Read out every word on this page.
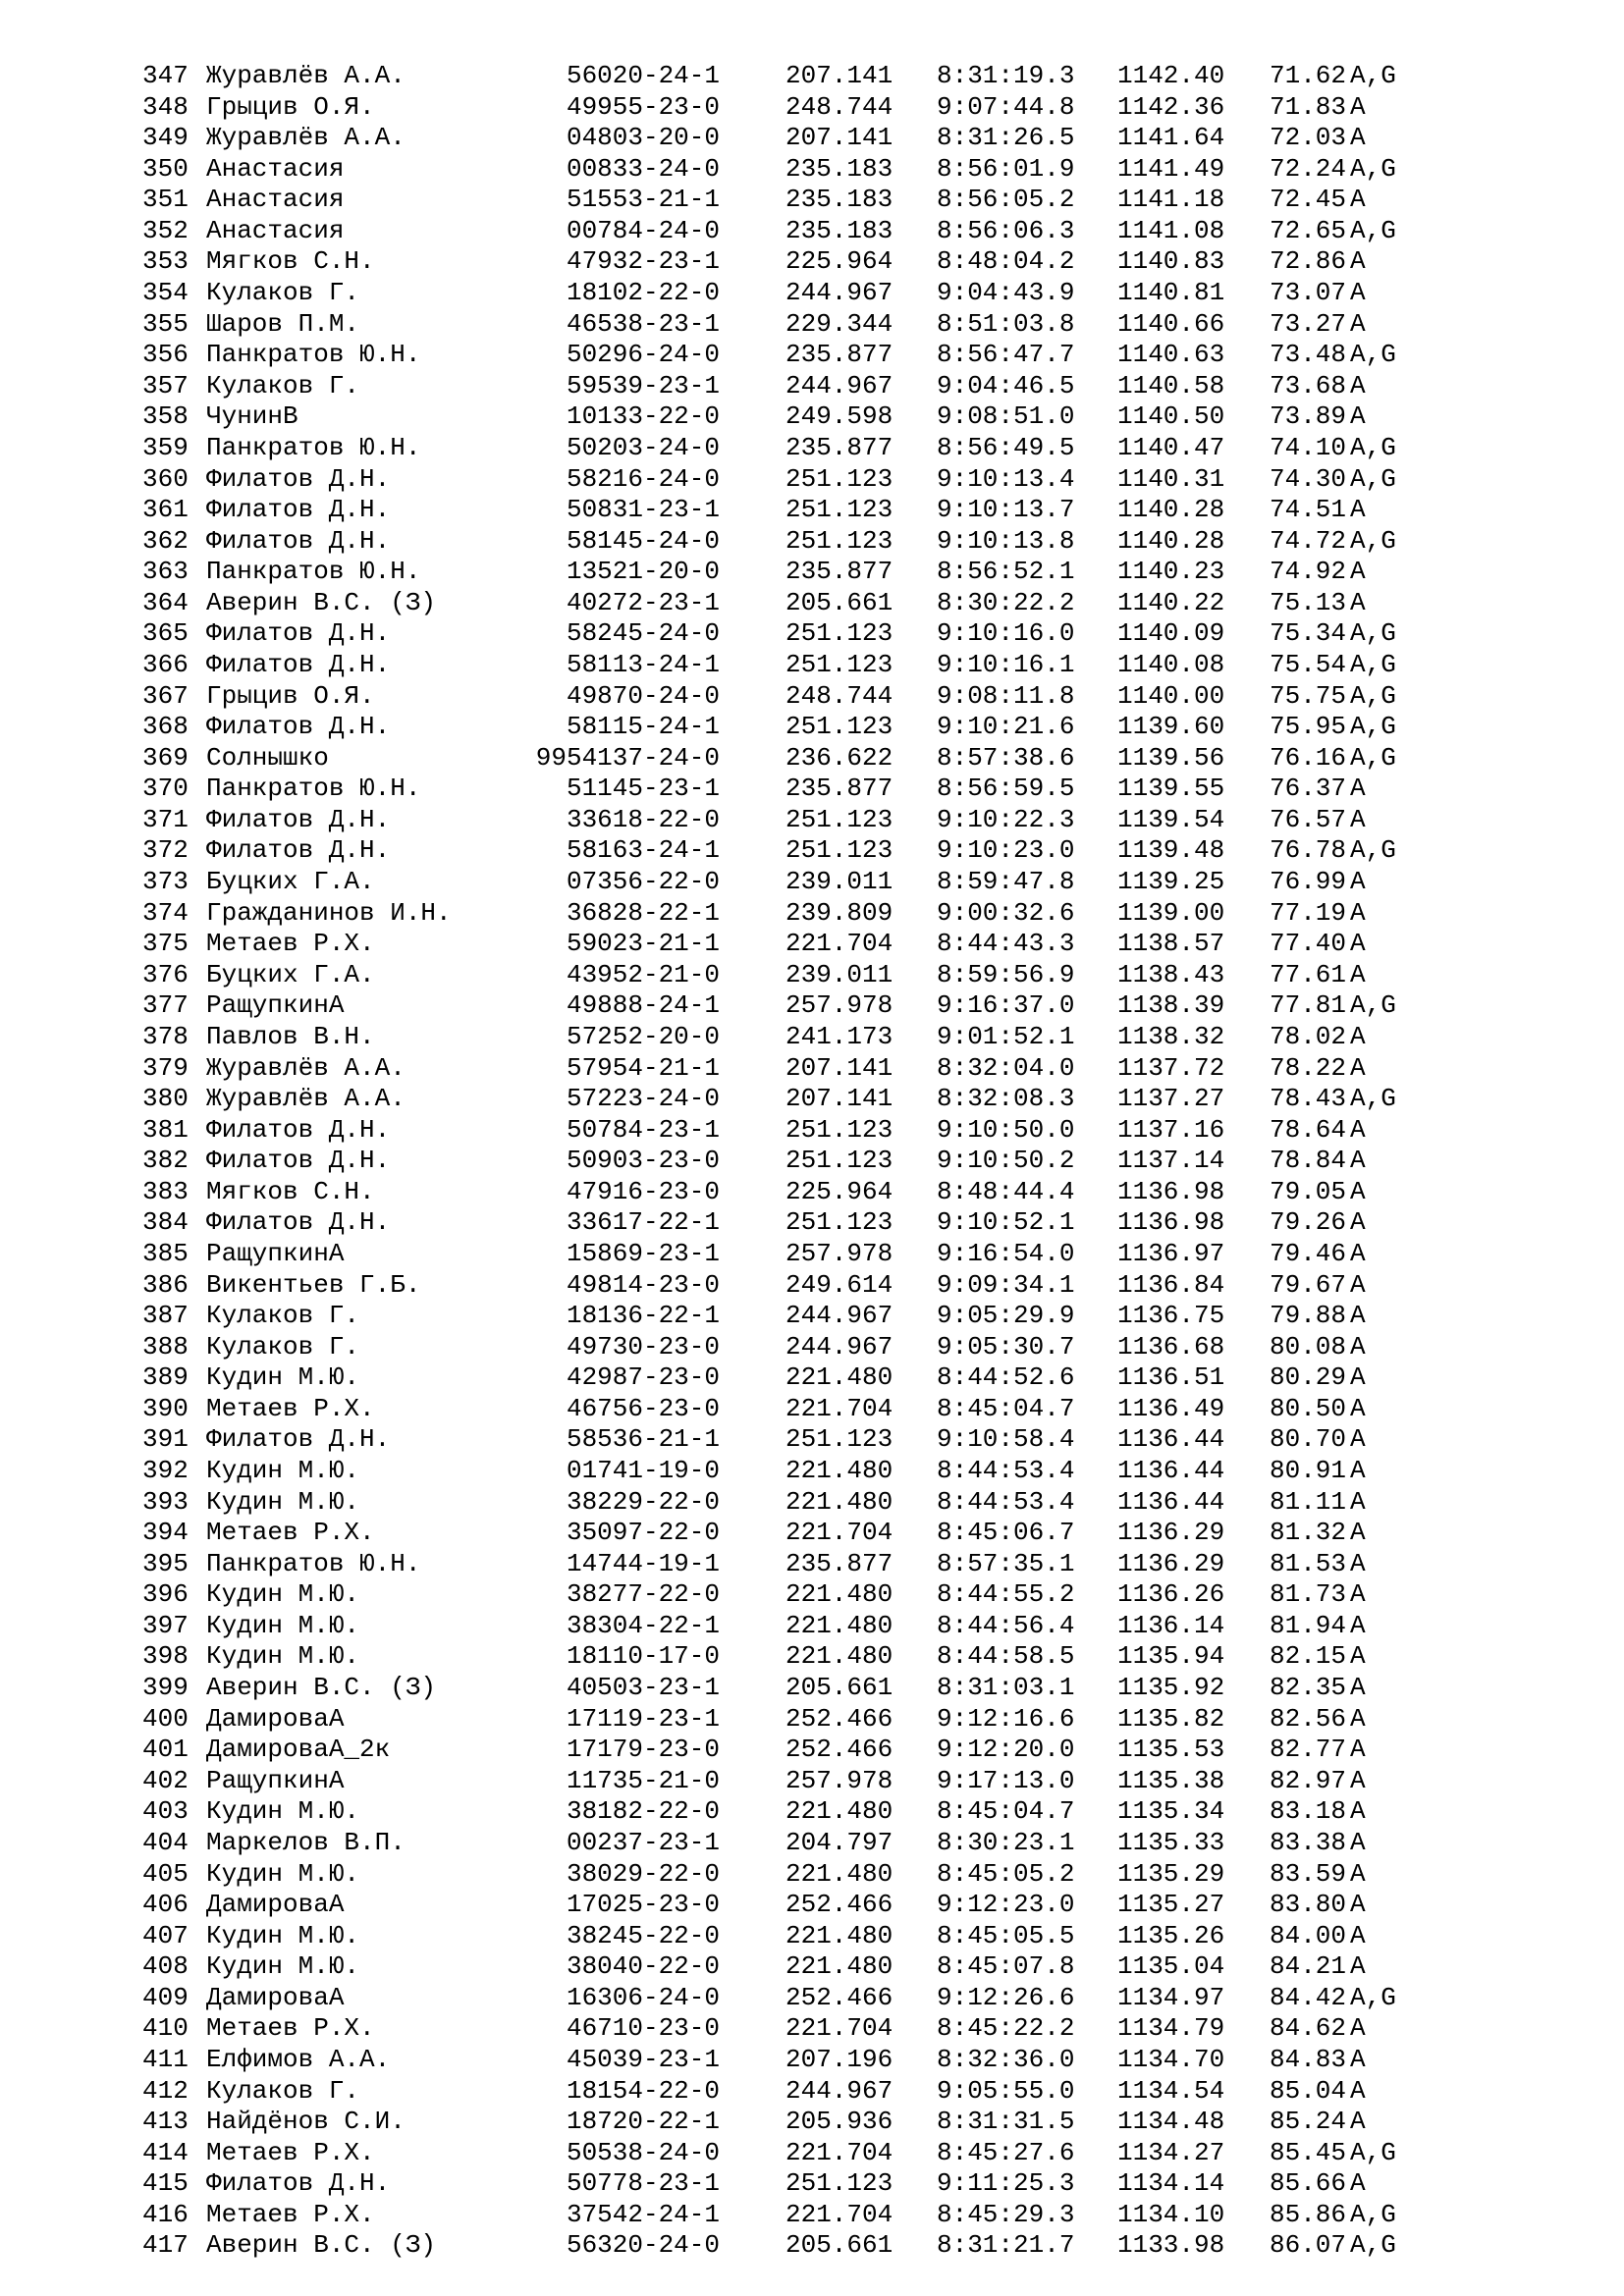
347 Журавлёв А.А.	56020-24-1	207.141 8:31:19.3 1142.40 71.62 A,G
348 Грыцив О.Я.	49955-23-0	248.744 9:07:44.8 1142.36 71.83 A
349 Журавлёв А.А.	04803-20-0	207.141 8:31:26.5 1141.64 72.03 A
350 Анастасия	00833-24-0	235.183 8:56:01.9 1141.49 72.24 A,G
351 Анастасия	51553-21-1	235.183 8:56:05.2 1141.18 72.45 A
352 Анастасия	00784-24-0	235.183 8:56:06.3 1141.08 72.65 A,G
353 Мягков С.Н.	47932-23-1	225.964 8:48:04.2 1140.83 72.86 A
354 Кулаков Г.	18102-22-0	244.967 9:04:43.9 1140.81 73.07 A
355 Шаров П.М.	46538-23-1	229.344 8:51:03.8 1140.66 73.27 A
356 Панкратов Ю.Н.	50296-24-0	235.877 8:56:47.7 1140.63 73.48 A,G
357 Кулаков Г.	59539-23-1	244.967 9:04:46.5 1140.58 73.68 A
358 ЧунинВ	10133-22-0	249.598 9:08:51.0 1140.50 73.89 A
359 Панкратов Ю.Н.	50203-24-0	235.877 8:56:49.5 1140.47 74.10 A,G
360 Филатов Д.Н.	58216-24-0	251.123 9:10:13.4 1140.31 74.30 A,G
361 Филатов Д.Н.	50831-23-1	251.123 9:10:13.7 1140.28 74.51 A
362 Филатов Д.Н.	58145-24-0	251.123 9:10:13.8 1140.28 74.72 A,G
363 Панкратов Ю.Н.	13521-20-0	235.877 8:56:52.1 1140.23 74.92 A
364 Аверин В.С. (З)	40272-23-1	205.661 8:30:22.2 1140.22 75.13 A
365 Филатов Д.Н.	58245-24-0	251.123 9:10:16.0 1140.09 75.34 A,G
366 Филатов Д.Н.	58113-24-1	251.123 9:10:16.1 1140.08 75.54 A,G
367 Грыцив О.Я.	49870-24-0	248.744 9:08:11.8 1140.00 75.75 A,G
368 Филатов Д.Н.	58115-24-1	251.123 9:10:21.6 1139.60 75.95 A,G
369 Солнышко	9954137-24-0	236.622 8:57:38.6 1139.56 76.16 A,G
370 Панкратов Ю.Н.	51145-23-1	235.877 8:56:59.5 1139.55 76.37 A
371 Филатов Д.Н.	33618-22-0	251.123 9:10:22.3 1139.54 76.57 A
372 Филатов Д.Н.	58163-24-1	251.123 9:10:23.0 1139.48 76.78 A,G
373 Буцких Г.А.	07356-22-0	239.011 8:59:47.8 1139.25 76.99 A
374 Гражданинов И.Н.	36828-22-1	239.809 9:00:32.6 1139.00 77.19 A
375 Метаев Р.Х.	59023-21-1	221.704 8:44:43.3 1138.57 77.40 A
376 Буцких Г.А.	43952-21-0	239.011 8:59:56.9 1138.43 77.61 A
377 РащупкинА	49888-24-1	257.978 9:16:37.0 1138.39 77.81 A,G
378 Павлов В.Н.	57252-20-0	241.173 9:01:52.1 1138.32 78.02 A
379 Журавлёв А.А.	57954-21-1	207.141 8:32:04.0 1137.72 78.22 A
380 Журавлёв А.А.	57223-24-0	207.141 8:32:08.3 1137.27 78.43 A,G
381 Филатов Д.Н.	50784-23-1	251.123 9:10:50.0 1137.16 78.64 A
382 Филатов Д.Н.	50903-23-0	251.123 9:10:50.2 1137.14 78.84 A
383 Мягков С.Н.	47916-23-0	225.964 8:48:44.4 1136.98 79.05 A
384 Филатов Д.Н.	33617-22-1	251.123 9:10:52.1 1136.98 79.26 A
385 РащупкинА	15869-23-1	257.978 9:16:54.0 1136.97 79.46 A
386 Викентьев Г.Б.	49814-23-0	249.614 9:09:34.1 1136.84 79.67 A
387 Кулаков Г.	18136-22-1	244.967 9:05:29.9 1136.75 79.88 A
388 Кулаков Г.	49730-23-0	244.967 9:05:30.7 1136.68 80.08 A
389 Кудин М.Ю.	42987-23-0	221.480 8:44:52.6 1136.51 80.29 A
390 Метаев Р.Х.	46756-23-0	221.704 8:45:04.7 1136.49 80.50 A
391 Филатов Д.Н.	58536-21-1	251.123 9:10:58.4 1136.44 80.70 A
392 Кудин М.Ю.	01741-19-0	221.480 8:44:53.4 1136.44 80.91 A
393 Кудин М.Ю.	38229-22-0	221.480 8:44:53.4 1136.44 81.11 A
394 Метаев Р.Х.	35097-22-0	221.704 8:45:06.7 1136.29 81.32 A
395 Панкратов Ю.Н.	14744-19-1	235.877 8:57:35.1 1136.29 81.53 A
396 Кудин М.Ю.	38277-22-0	221.480 8:44:55.2 1136.26 81.73 A
397 Кудин М.Ю.	38304-22-1	221.480 8:44:56.4 1136.14 81.94 A
398 Кудин М.Ю.	18110-17-0	221.480 8:44:58.5 1135.94 82.15 A
399 Аверин В.С. (З)	40503-23-1	205.661 8:31:03.1 1135.92 82.35 A
400 ДамироваА	17119-23-1	252.466 9:12:16.6 1135.82 82.56 A
401 ДамироваА_2к	17179-23-0	252.466 9:12:20.0 1135.53 82.77 A
402 РащупкинА	11735-21-0	257.978 9:17:13.0 1135.38 82.97 A
403 Кудин М.Ю.	38182-22-0	221.480 8:45:04.7 1135.34 83.18 A
404 Маркелов В.П.	00237-23-1	204.797 8:30:23.1 1135.33 83.38 A
405 Кудин М.Ю.	38029-22-0	221.480 8:45:05.2 1135.29 83.59 A
406 ДамироваА	17025-23-0	252.466 9:12:23.0 1135.27 83.80 A
407 Кудин М.Ю.	38245-22-0	221.480 8:45:05.5 1135.26 84.00 A
408 Кудин М.Ю.	38040-22-0	221.480 8:45:07.8 1135.04 84.21 A
409 ДамироваА	16306-24-0	252.466 9:12:26.6 1134.97 84.42 A,G
410 Метаев Р.Х.	46710-23-0	221.704 8:45:22.2 1134.79 84.62 A
411 Елфимов А.А.	45039-23-1	207.196 8:32:36.0 1134.70 84.83 A
412 Кулаков Г.	18154-22-0	244.967 9:05:55.0 1134.54 85.04 A
413 Найдёнов С.И.	18720-22-1	205.936 8:31:31.5 1134.48 85.24 A
414 Метаев Р.Х.	50538-24-0	221.704 8:45:27.6 1134.27 85.45 A,G
415 Филатов Д.Н.	50778-23-1	251.123 9:11:25.3 1134.14 85.66 A
416 Метаев Р.Х.	37542-24-1	221.704 8:45:29.3 1134.10 85.86 A,G
417 Аверин В.С. (З)	56320-24-0	205.661 8:31:21.7 1133.98 86.07 A,G
